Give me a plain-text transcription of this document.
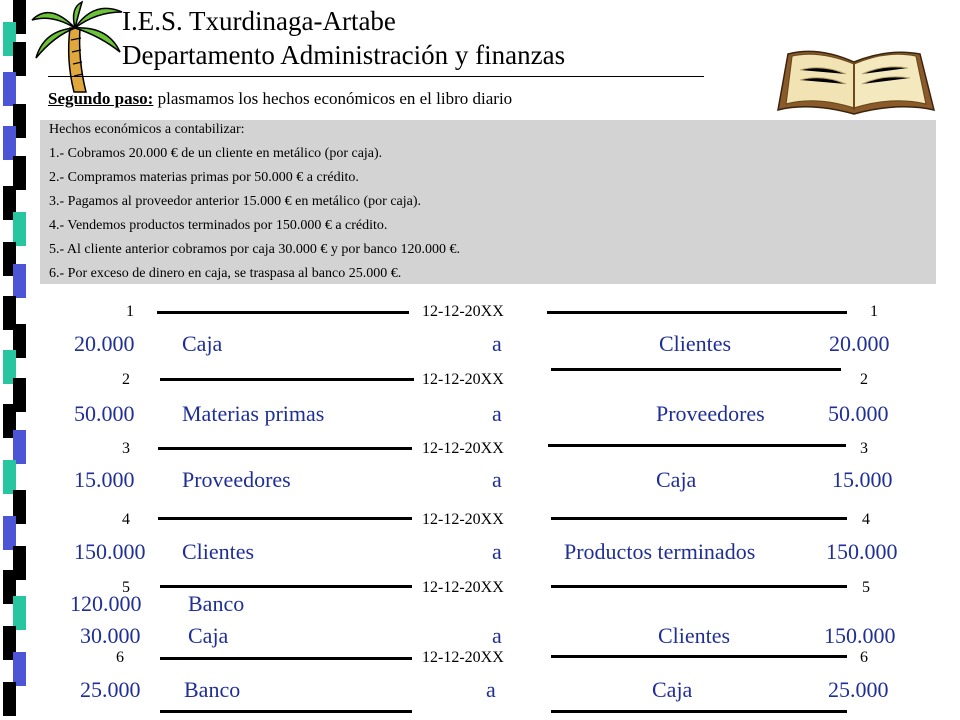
I.E.S. Txurdinaga-Artabe
Departamento Administración y finanzas
Segundo paso: plasmamos los hechos económicos en el libro diario
Hechos económicos a contabilizar:
1.- Cobramos 20.000 € de un cliente en metálico (por caja).
2.- Compramos materias primas por 50.000 € a crédito.
3.- Pagamos al proveedor anterior 15.000 € en metálico (por caja).
4.- Vendemos productos terminados por 150.000 € a crédito.
5.- Al cliente anterior cobramos por caja 30.000 € y por banco 120.000 €.
6.- Por exceso de dinero en caja, se traspasa al banco 25.000 €.
1	12-12-20XX	1
20.000 Caja	a	Clientes	20.000
2	12-12-20XX	2
50.000 Materias primas	a	Proveedores	50.000
3	12-12-20XX	3
15.000 Proveedores	a	Caja	15.000
4	12-12-20XX	4
150.000 Clientes	a	Productos terminados	150.000
5	12-12-20XX	5
120.000 Banco
30.000 Caja	a	Clientes	150.000
6	12-12-20XX	6
25.000 Banco	a	Caja	25.000
